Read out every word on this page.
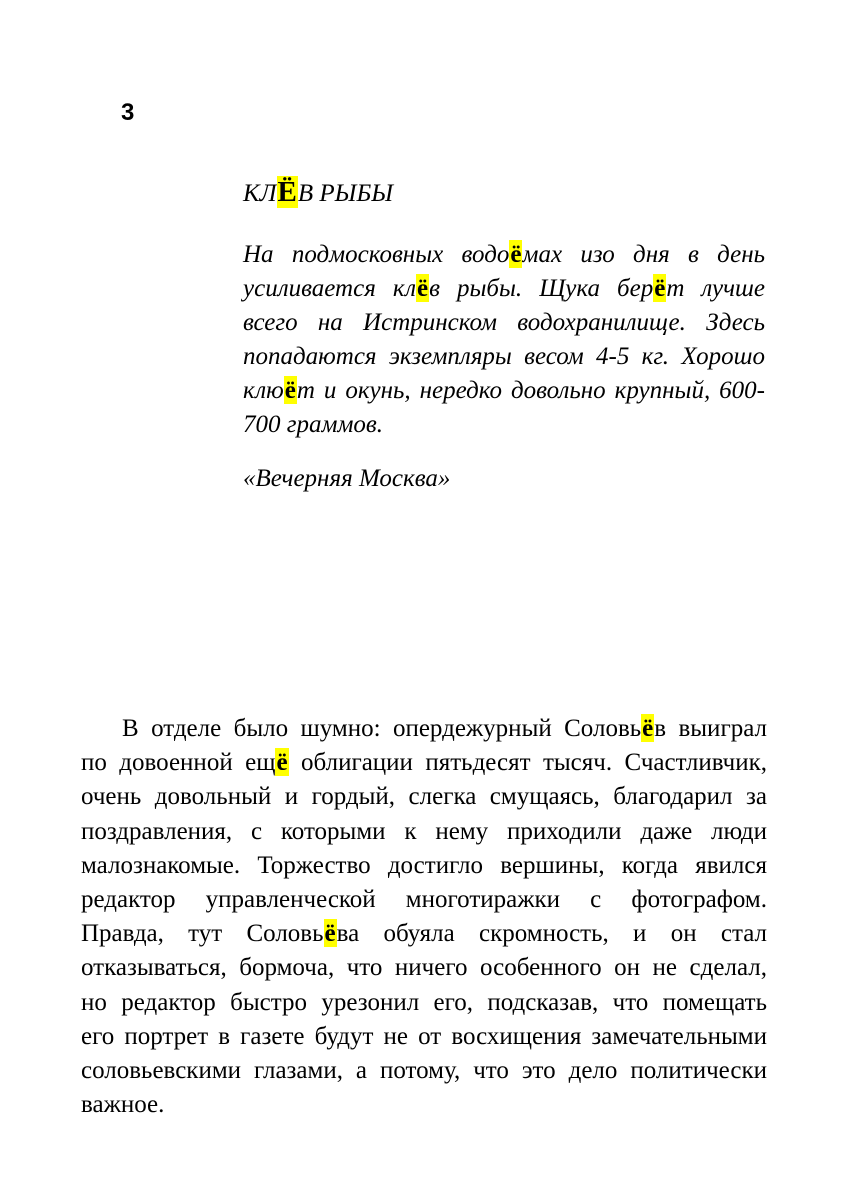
3
КЛЁВ РЫБЫ
На подмосковных водоёмах изо дня в день
усиливается клёв рыбы. Щука берёт лучше
всего на Истринском водохранилище. Здесь
попадаются экземпляры весом 4-5 кг. Хорошо
клюёт и окунь, нередко довольно крупный, 600-
700 граммов.
«Вечерняя Москва»
В отделе было шумно: опердежурный Соловьёв выиграл
по довоенной ещё облигации пятьдесят тысяч. Счастливчик,
очень довольный и гордый, слегка смущаясь, благодарил за
поздравления, с которыми к нему приходили даже люди
малознакомые. Торжество достигло вершины, когда явился
редактор управленческой многотиражки с фотографом.
Правда, тут Соловьёва обуяла скромность, и он стал
отказываться, бормоча, что ничего особенного он не сделал,
но редактор быстро урезонил его, подсказав, что помещать
его портрет в газете будут не от восхищения замечательными
соловьевскими глазами, а потому, что это дело политически
важное.
